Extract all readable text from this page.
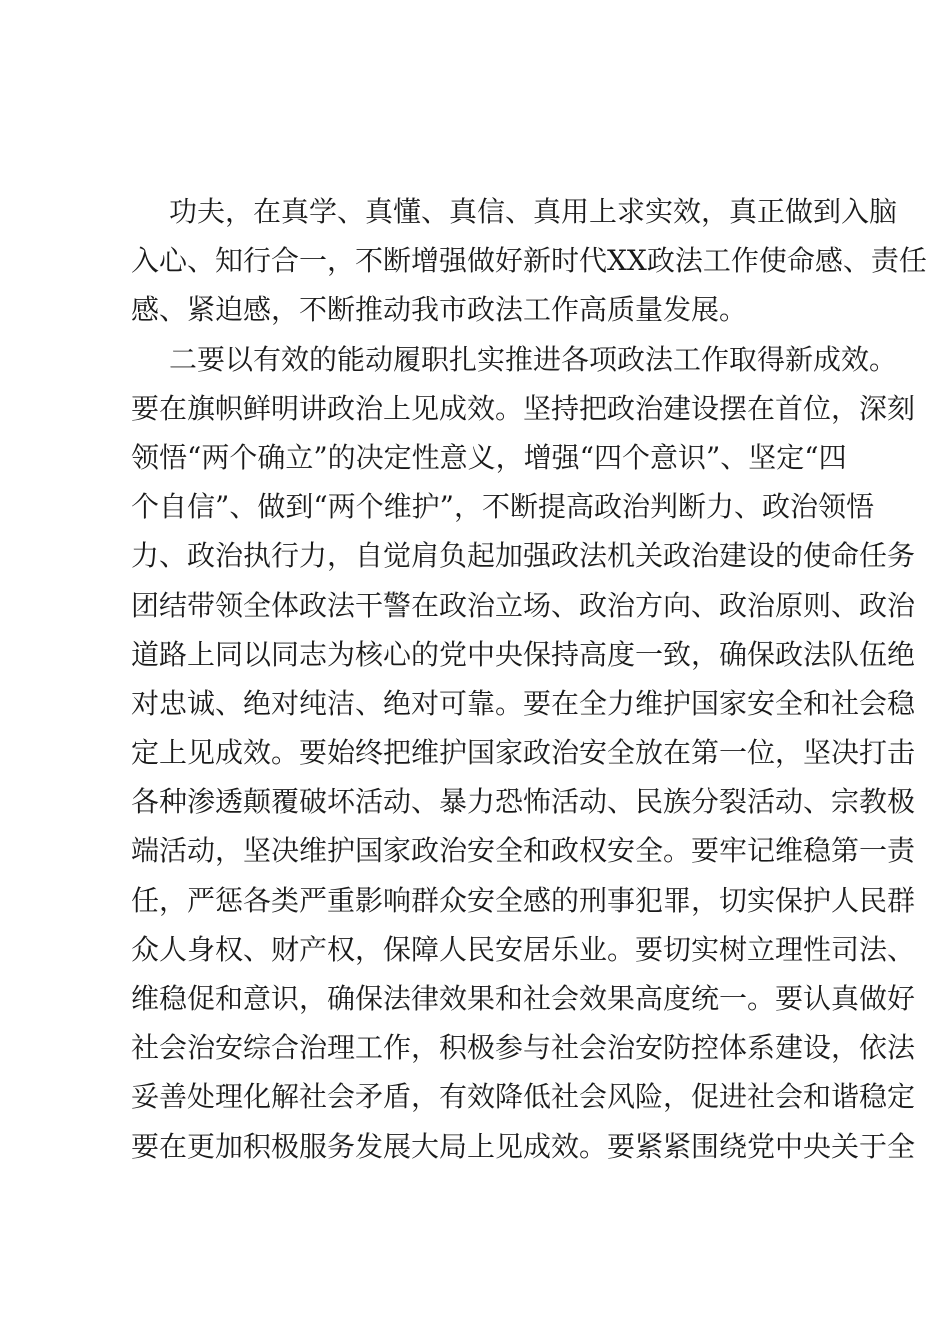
功夫，在真学、真懂、真信、真用上求实效，真正做到入脑
入心、知行合一，不断增强做好新时代XX政法工作使命感、责任
感、紧迫感，不断推动我市政法工作高质量发展。
二要以有效的能动履职扎实推进各项政法工作取得新成效。
要在旗帜鲜明讲政治上见成效。坚持把政治建设摆在首位，深刻
领悟“两个确立”的决定性意义，增强“四个意识”、坚定“四
个自信”、做到“两个维护”，不断提高政治判断力、政治领悟
力、政治执行力，自觉肩负起加强政法机关政治建设的使命任务
团结带领全体政法干警在政治立场、政治方向、政治原则、政治
道路上同以同志为核心的党中央保持高度一致，确保政法队伍绝
对忠诚、绝对纯洁、绝对可靠。要在全力维护国家安全和社会稳
定上见成效。要始终把维护国家政治安全放在第一位，坚决打击
各种渗透颠覆破坏活动、暴力恐怖活动、民族分裂活动、宗教极
端活动，坚决维护国家政治安全和政权安全。要牢记维稳第一责
任，严惩各类严重影响群众安全感的刑事犯罪，切实保护人民群
众人身权、财产权，保障人民安居乐业。要切实树立理性司法、
维稳促和意识，确保法律效果和社会效果高度统一。要认真做好
社会治安综合治理工作，积极参与社会治安防控体系建设，依法
妥善处理化解社会矛盾，有效降低社会风险，促进社会和谐稳定
要在更加积极服务发展大局上见成效。要紧紧围绕党中央关于全
